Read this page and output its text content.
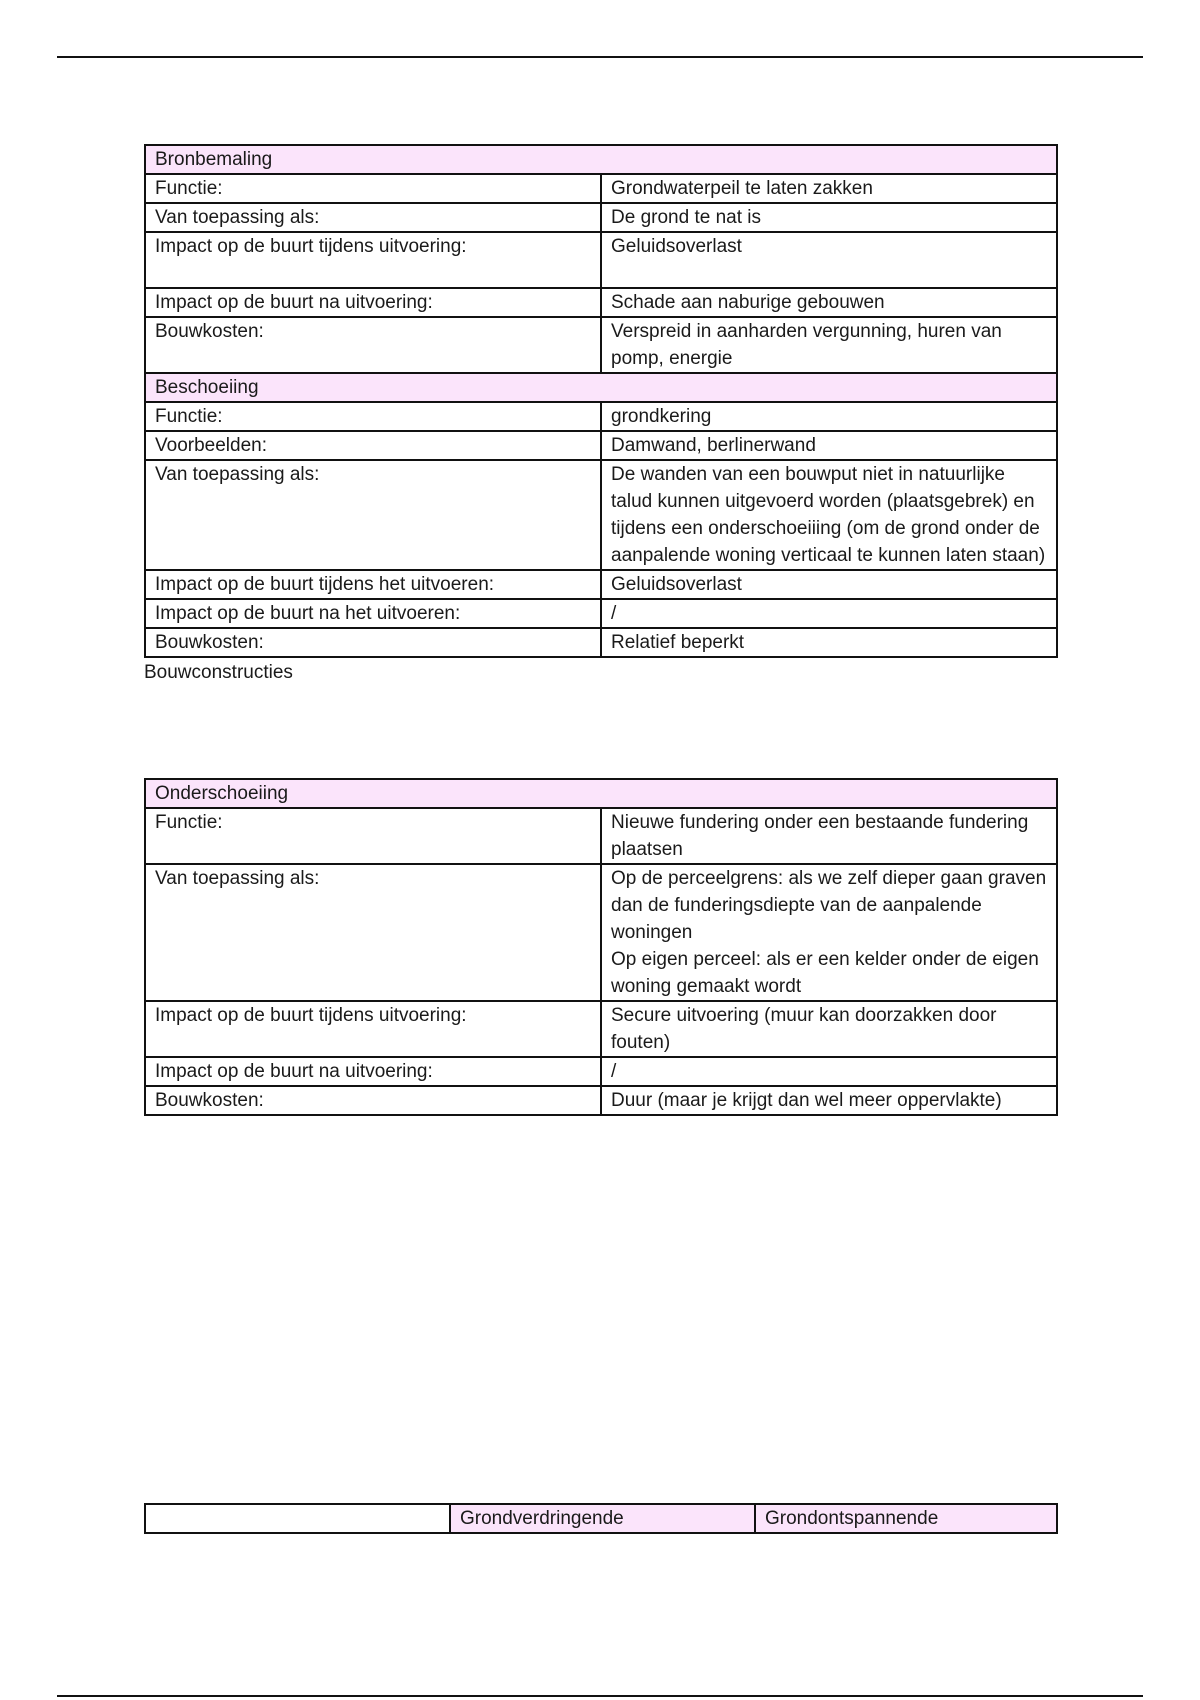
Bronbemaling	
Functie:	Grondwaterpeil te laten zakken
Van toepassing als:	De grond te nat is
Impact op de buurt tijdens uitvoering:	Geluidsoverlast
Impact op de buurt na uitvoering:	Schade aan naburige gebouwen
Bouwkosten:	Verspreid in aanharden vergunning, huren van pomp, energie
Beschoeiing	
Functie:	grondkering
Voorbeelden:	Damwand, berlinerwand
Van toepassing als:	De wanden van een bouwput niet in natuurlijke talud kunnen uitgevoerd worden (plaatsgebrek) en tijdens een onderschoeiiing (om de grond onder de aanpalende woning verticaal te kunnen laten staan)
Impact op de buurt tijdens het uitvoeren:	Geluidsoverlast
Impact op de buurt na het uitvoeren:	/
Bouwkosten:	Relatief beperkt
Bouwconstructies
Onderschoeiing	
Functie:	Nieuwe fundering onder een bestaande fundering plaatsen
Van toepassing als:	Op de perceelgrens: als we zelf dieper gaan graven dan de funderingsdiepte van de aanpalende woningen
Op eigen perceel: als er een kelder onder de eigen woning gemaakt wordt

Impact op de buurt tijdens uitvoering:	Secure uitvoering (muur kan doorzakken door fouten)
Impact op de buurt na uitvoering:	/
Bouwkosten:	Duur (maar je krijgt dan wel meer oppervlakte)
	Grondverdringende	Grondontspannende
